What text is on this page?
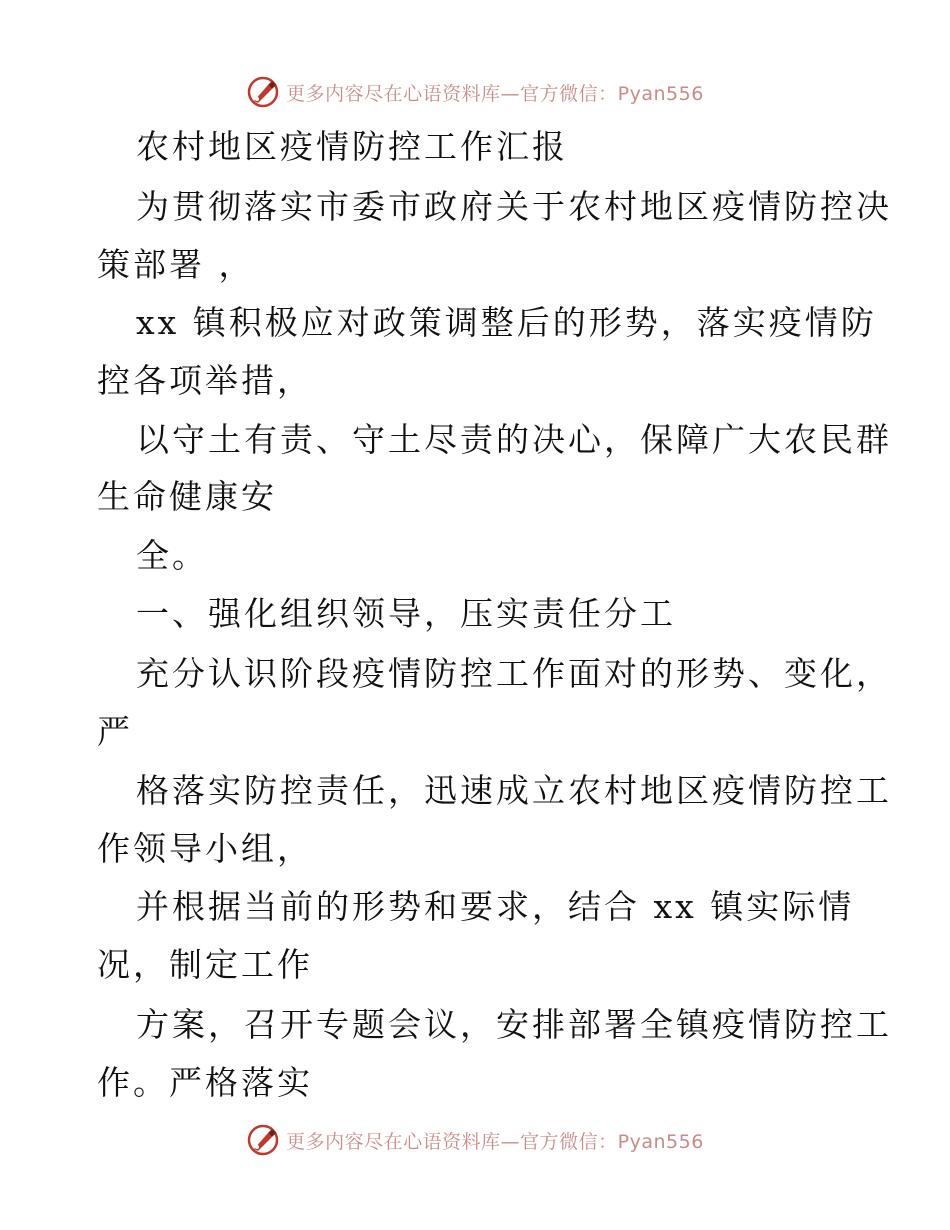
更多内容尽在心语资料库—官方微信：Pyan556
农村地区疫情防控工作汇报
为贯彻落实市委市政府关于农村地区疫情防控决
策部署 ，
xx 镇积极应对政策调整后的形势，落实疫情防
控各项举措，
以守土有责、守土尽责的决心，保障广大农民群
生命健康安
全。
一、强化组织领导，压实责任分工
充分认识阶段疫情防控工作面对的形势、变化，
严
格落实防控责任，迅速成立农村地区疫情防控工
作领导小组，
并根据当前的形势和要求，结合 xx 镇实际情
况，制定工作
方案，召开专题会议，安排部署全镇疫情防控工
作。严格落实
更多内容尽在心语资料库—官方微信：Pyan556
